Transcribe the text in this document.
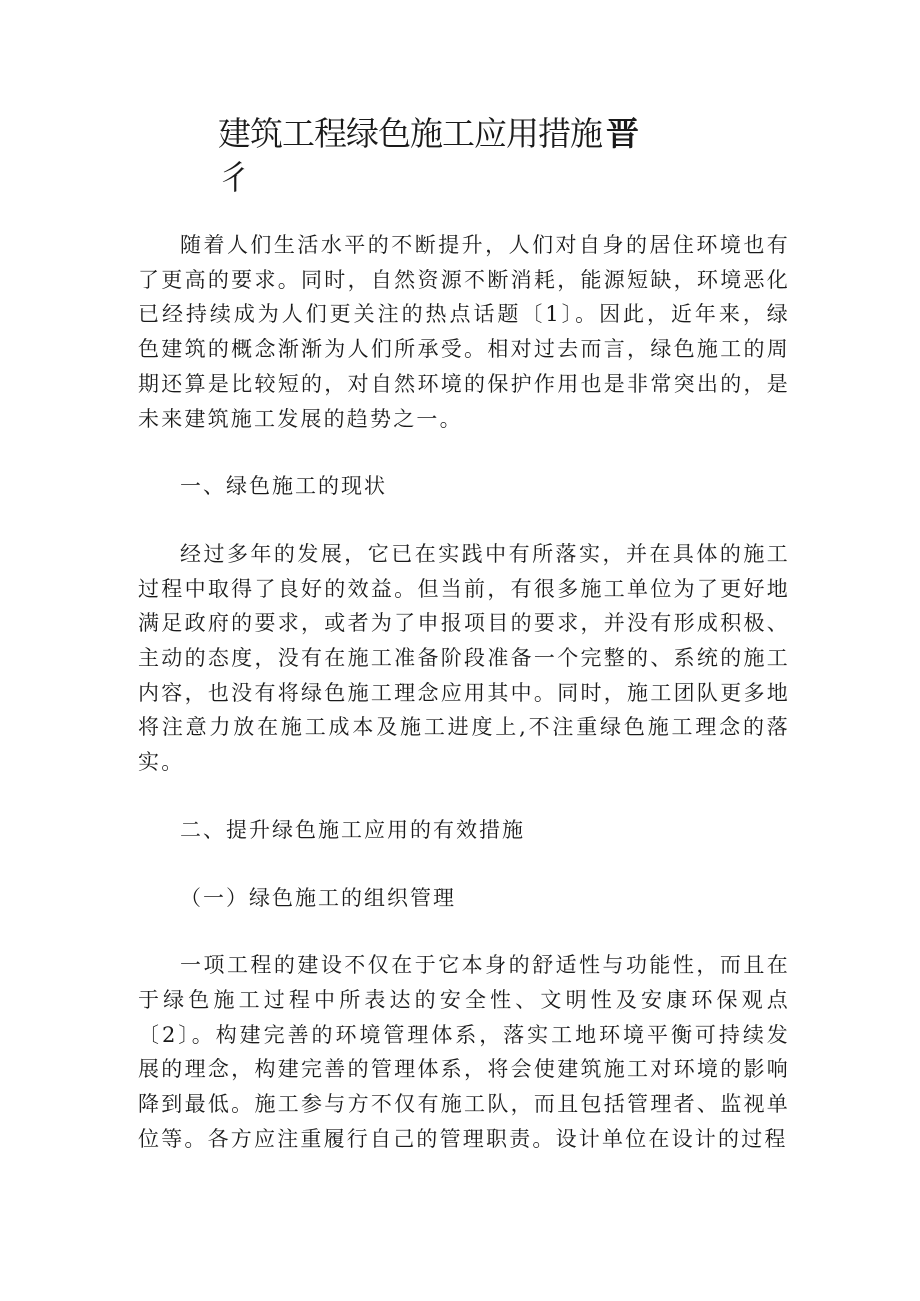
建筑工程绿色施工应用措施 晋
彳

随着人们生活水平的不断提升，人们对自身的居住环境也有了更高的要求。同时，自然资源不断消耗，能源短缺，环境恶化已经持续成为人们更关注的热点话题〔1〕。因此，近年来，绿色建筑的概念渐渐为人们所承受。相对过去而言，绿色施工的周期还算是比较短的，对自然环境的保护作用也是非常突出的，是未来建筑施工发展的趋势之一。

一、绿色施工的现状

经过多年的发展，它已在实践中有所落实，并在具体的施工过程中取得了良好的效益。但当前，有很多施工单位为了更好地满足政府的要求，或者为了申报项目的要求，并没有形成积极、主动的态度，没有在施工准备阶段准备一个完整的、系统的施工内容，也没有将绿色施工理念应用其中。同时，施工团队更多地将注意力放在施工成本及施工进度上,不注重绿色施工理念的落实。

二、提升绿色施工应用的有效措施

（一）绿色施工的组织管理

一项工程的建设不仅在于它本身的舒适性与功能性，而且在于绿色施工过程中所表达的安全性、文明性及安康环保观点〔2〕。构建完善的环境管理体系，落实工地环境平衡可持续发展的理念，构建完善的管理体系，将会使建筑施工对环境的影响降到最低。施工参与方不仅有施工队，而且包括管理者、监视单位等。各方应注重履行自己的管理职责。设计单位在设计的过程
